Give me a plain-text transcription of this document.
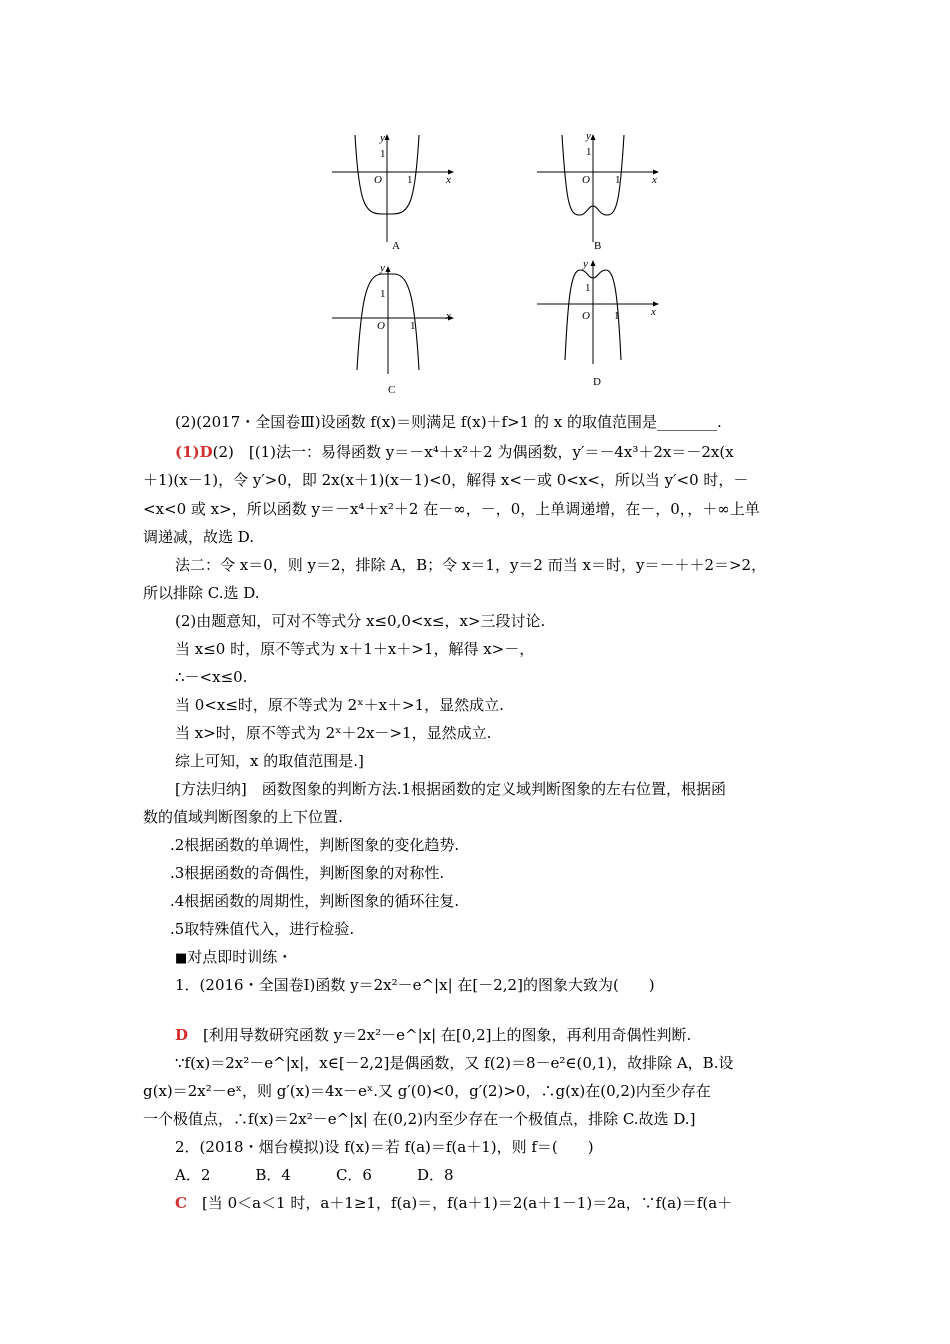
y
x
1
O 1
A
y
x
1
O 1
B
y
x
1
O 1
C
y
x
1
O 1
D
(2)(2017・全国卷Ⅲ)设函数 f(x)＝则满足 f(x)＋f>1 的 x 的取值范围是________.
(1)D(2)　[(1)法一：易得函数 y＝－x⁴＋x²＋2 为偶函数，y′＝－4x³＋2x＝－2x(x
＋1)(x－1)，令 y′>0，即 2x(x＋1)(x－1)<0，解得 x<－或 0<x<，所以当 y′<0 时，－
<x<0 或 x>，所以函数 y＝－x⁴＋x²＋2 在－∞，－，0，上单调递增，在－，0，，＋∞上单
调递减，故选 D.
法二：令 x＝0，则 y＝2，排除 A，B；令 x＝1，y＝2 而当 x＝时，y＝－＋＋2＝>2，
所以排除 C.选 D.
(2)由题意知，可对不等式分 x≤0,0<x≤，x>三段讨论.
当 x≤0 时，原不等式为 x＋1＋x＋>1，解得 x>－，
∴－<x≤0.
当 0<x≤时，原不等式为 2ˣ＋x＋>1，显然成立.
当 x>时，原不等式为 2ˣ＋2x－>1，显然成立.
综上可知，x 的取值范围是.]
[方法归纳]　函数图象的判断方法.1根据函数的定义域判断图象的左右位置，根据函
数的值域判断图象的上下位置.
.2根据函数的单调性，判断图象的变化趋势.
.3根据函数的奇偶性，判断图象的对称性.
.4根据函数的周期性，判断图象的循环往复.
.5取特殊值代入，进行检验.
■对点即时训练・
1．(2016・全国卷Ⅰ)函数 y＝2x²－e^|x| 在[－2,2]的图象大致为(　　)
D　[利用导数研究函数 y＝2x²－e^|x| 在[0,2]上的图象，再利用奇偶性判断.
∵f(x)＝2x²－e^|x|，x∈[－2,2]是偶函数，又 f(2)＝8－e²∈(0,1)，故排除 A，B.设
g(x)＝2x²－eˣ，则 g′(x)＝4x－eˣ.又 g′(0)<0，g′(2)>0，∴g(x)在(0,2)内至少存在
一个极值点，∴f(x)＝2x²－e^|x| 在(0,2)内至少存在一个极值点，排除 C.故选 D.]
2．(2018・烟台模拟)设 f(x)＝若 f(a)＝f(a＋1)，则 f＝(　　)
A．2　　　B．4　　　C．6　　　D．8
C　[当 0＜a＜1 时，a＋1≥1，f(a)＝，f(a＋1)＝2(a＋1－1)＝2a，∵f(a)＝f(a＋
